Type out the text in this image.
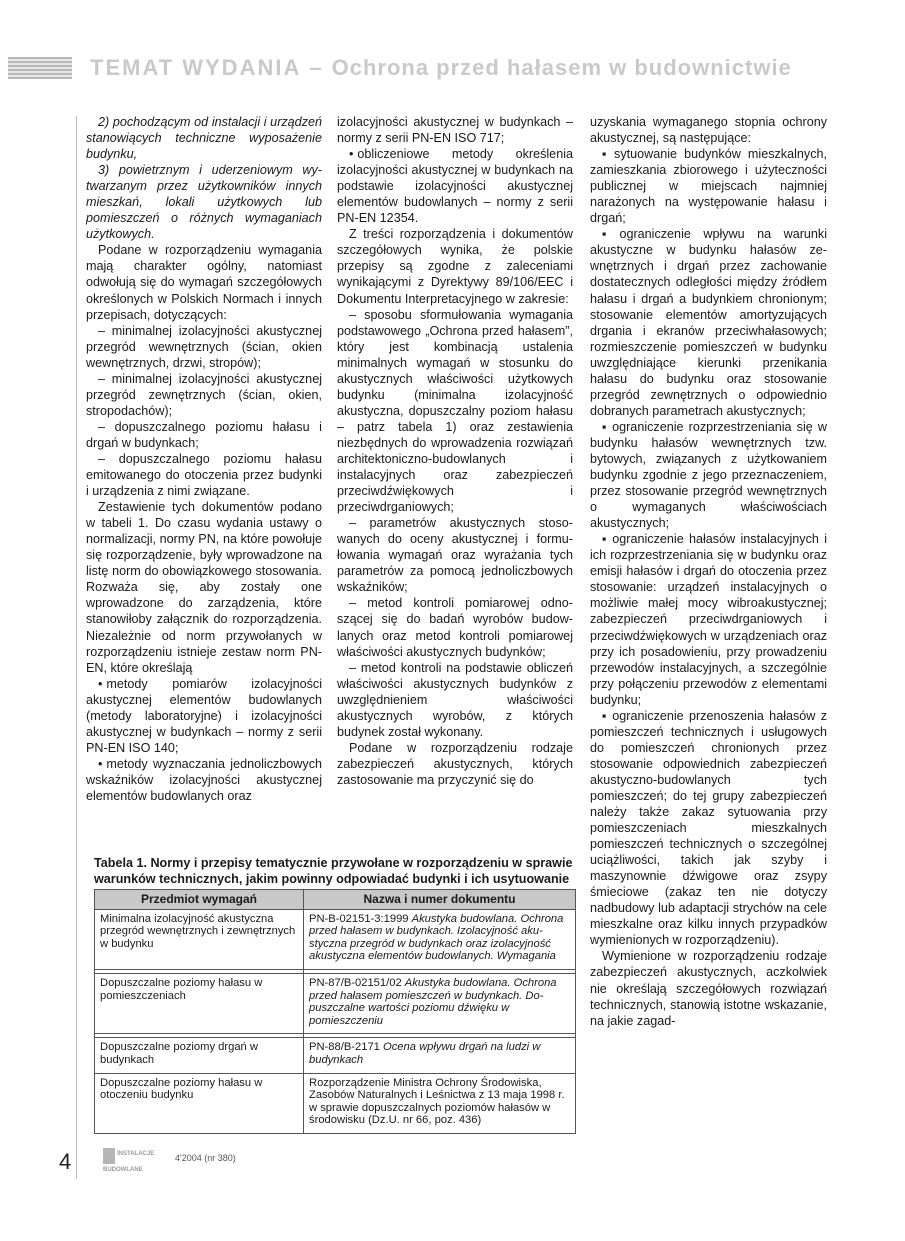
TEMAT WYDANIA – Ochrona przed hałasem w budownictwie

2) pochodzącym od instalacji i urządzeń stanowiących techniczne wyposażenie budynku,

3) powietrznym i uderzeniowym wytwarzanym przez użytkowników innych mieszkań, lokali użytkowych lub pomieszczeń o różnych wymaganiach użytkowych.

Podane w rozporządzeniu wymagania mają charakter ogólny, natomiast odwołują się do wymagań szczegółowych określonych w Polskich Normach i innych przepisach, dotyczących:

– minimalnej izolacyjności akustycznej przegród wewnętrznych (ścian, okien wewnętrznych, drzwi, stropów);

– minimalnej izolacyjności akustycznej przegród zewnętrznych (ścian, okien, stropodachów);

– dopuszczalnego poziomu hałasu i drgań w budynkach;

– dopuszczalnego poziomu hałasu emitowanego do otoczenia przez budynki i urządzenia z nimi związane.

Zestawienie tych dokumentów podano w tabeli 1. Do czasu wydania ustawy o normalizacji, normy PN, na które powołuje się rozporządzenie, były wprowadzone na listę norm do obowiązkowego stosowania. Rozważa się, aby zostały one wprowadzone do zarządzenia, które stanowiłoby załącznik do rozporządzenia. Niezależnie od norm przywołanych w rozporządzeniu istnieje zestaw norm PN-EN, które określają

• metody pomiarów izolacyjności akustycznej elementów budowlanych (metody laboratoryjne) i izolacyjności akustycznej w budynkach – normy z serii PN-EN ISO 140;

• metody wyznaczania jednoliczbowych wskaźników izolacyjności akustycznej elementów budowlanych oraz

izolacyjności akustycznej w budynkach – normy z serii PN-EN ISO 717;

• obliczeniowe metody określenia izolacyjności akustycznej w budynkach na podstawie izolacyjności akustycznej elementów budowlanych – normy z serii PN-EN 12354.

Z treści rozporządzenia i dokumentów szczegółowych wynika, że polskie przepisy są zgodne z zaleceniami wynikającymi z Dyrektywy 89/106/EEC i Dokumentu Interpretacyjnego w zakresie:

– sposobu sformułowania wymagania podstawowego „Ochrona przed hałasem”, który jest kombinacją ustalenia minimalnych wymagań w stosunku do akustycznych właściwości użytkowych budynku (minimalna izolacyjność akustyczna, dopuszczalny poziom hałasu – patrz tabela 1) oraz zestawienia niezbędnych do wprowadzenia rozwiązań architektoniczno-budowlanych i instalacyjnych oraz zabezpieczeń przeciwdźwiękowych i przeciwdrganiowych;

– parametrów akustycznych stosowanych do oceny akustycznej i formułowania wymagań oraz wyrażania tych parametrów za pomocą jednoliczbowych wskaźników;

– metod kontroli pomiarowej odnoszącej się do badań wyrobów budowlanych oraz metod kontroli pomiarowej właściwości akustycznych budynków;

– metod kontroli na podstawie obliczeń właściwości akustycznych budynków z uwzględnieniem właściwości akustycznych wyrobów, z których budynek został wykonany.

Podane w rozporządzeniu rodzaje zabezpieczeń akustycznych, których zastosowanie ma przyczynić się do

uzyskania wymaganego stopnia ochrony akustycznej, są następujące:

▪ sytuowanie budynków mieszkalnych, zamieszkania zbiorowego i użyteczności publicznej w miejscach najmniej narażonych na występowanie hałasu i drgań;

▪ ograniczenie wpływu na warunki akustyczne w budynku hałasów zewnętrznych i drgań przez zachowanie dostatecznych odległości między źródłem hałasu i drgań a budynkiem chronionym; stosowanie elementów amortyzujących drgania i ekranów przeciwhałasowych; rozmieszczenie pomieszczeń w budynku uwzględniające kierunki przenikania hałasu do budynku oraz stosowanie przegród zewnętrznych o odpowiednio dobranych parametrach akustycznych;

▪ ograniczenie rozprzestrzeniania się w budynku hałasów wewnętrznych tzw. bytowych, związanych z użytkowaniem budynku zgodnie z jego przeznaczeniem, przez stosowanie przegród wewnętrznych o wymaganych właściwościach akustycznych;

▪ ograniczenie hałasów instalacyjnych i ich rozprzestrzeniania się w budynku oraz emisji hałasów i drgań do otoczenia przez stosowanie: urządzeń instalacyjnych o możliwie małej mocy wibroakustycznej; zabezpieczeń przeciwdrganiowych i przeciwdźwiękowych w urządzeniach oraz przy ich posadowieniu, przy prowadzeniu przewodów instalacyjnych, a szczególnie przy połączeniu przewodów z elementami budynku;

▪ ograniczenie przenoszenia hałasów z pomieszczeń technicznych i usługowych do pomieszczeń chronionych przez stosowanie odpowiednich zabezpieczeń akustyczno-budowlanych tych pomieszczeń; do tej grupy zabezpieczeń należy także zakaz sytuowania przy pomieszczeniach mieszkalnych pomieszczeń technicznych o szczególnej uciążliwości, takich jak szyby i maszynownie dźwigowe oraz zsypy śmieciowe (zakaz ten nie dotyczy nadbudowy lub adaptacji strychów na cele mieszkalne oraz kilku innych przypadków wymienionych w rozporządzeniu).

Wymienione w rozporządzeniu rodzaje zabezpieczeń akustycznych, aczkolwiek nie określają szczegółowych rozwiązań technicznych, stanowią istotne wskazanie, na jakie zagad-

Tabela 1. Normy i przepisy tematycznie przywołane w rozporządzeniu w sprawie warunków technicznych, jakim powinny odpowiadać budynki i ich usytuowanie
Przedmiot wymagań	Nazwa i numer dokumentu
Minimalna izolacyjność akustyczna przegród wewnętrznych i zewnętrznych w budynku	PN-B-02151-3:1999 Akustyka budowlana. Ochrona przed hałasem w budynkach. Izolacyjność akustyczna przegród w budynkach oraz izolacyjność akustyczna elementów budowlanych. Wymagania

Dopuszczalne poziomy hałasu w pomieszczeniach	PN-87/B-02151/02 Akustyka budowlana. Ochrona przed hałasem pomieszczeń w budynkach. Dopuszczalne wartości poziomu dźwięku w pomieszczeniu

Dopuszczalne poziomy drgań w budynkach	PN-88/B-2171 Ocena wpływu drgań na ludzi w budynkach
Dopuszczalne poziomy hałasu w otoczeniu budynku	Rozporządzenie Ministra Ochrony Środowiska, Zasobów Naturalnych i Leśnictwa z 13 maja 1998 r. w sprawie dopuszczalnych poziomów hałasów w środowisku (Dz.U. nr 66, poz. 436)
4	INSTALACJE BUDOWLANE
4'2004 (nr 380)
